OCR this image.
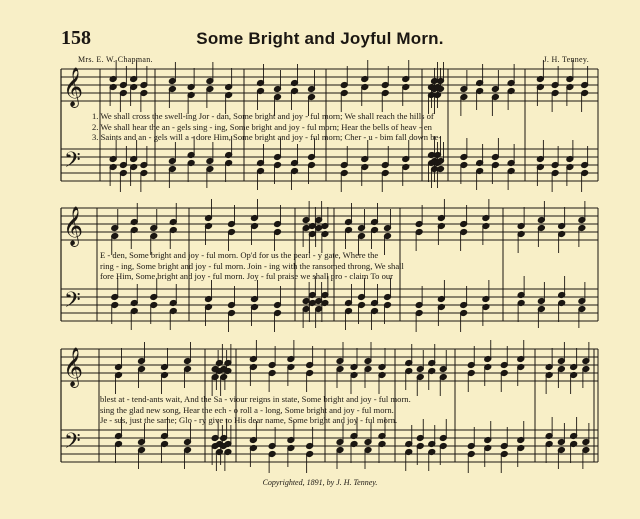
158	Some Bright and Joyful Morn.
Mrs. E. W. Chapman.	J. H. Tenney.
𝄞
𝄢
𝄞
𝄢
𝄞
𝄢
1. We shall cross the swell-ing Jor - dan, Some bright and joy - ful morn; We shall reach the hills of
2. We shall hear the an - gels sing - ing, Some bright and joy - ful morn; Hear the bells of heav - en
3. Saints and an - gels will a - dore Him, Some bright and joy - ful morn; Cher - u - bim fall down be-
E - den, Some bright and joy - ful morn. Op'd for us the pearl - y gate, Where the
ring - ing, Some bright and joy - ful morn. Join - ing with the ransomed throng, We shall
fore Him, Some bright and joy - ful morn. Joy - ful praise we shall pro - claim To our
blest at - tend-ants wait, And the Sa - viour reigns in state, Some bright and joy - ful morn.
sing the glad new song, Hear the ech - o roll a - long, Some bright and joy - ful morn.
Je - sus, just the same; Glo - ry give to His dear name, Some bright and joy - ful morn.
Copyrighted, 1891, by J. H. Tenney.
